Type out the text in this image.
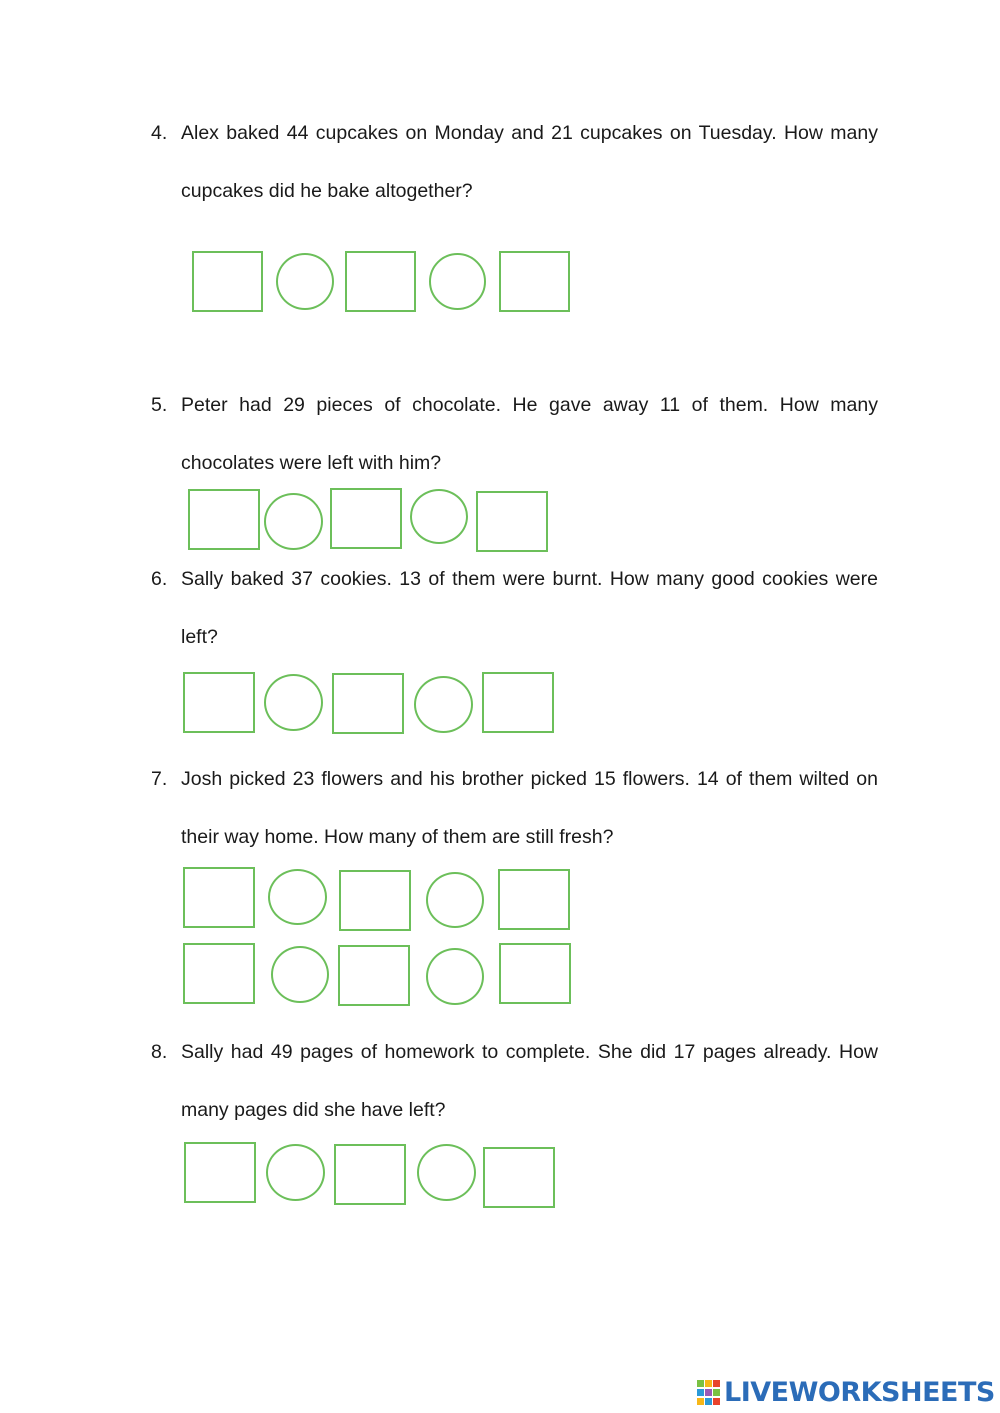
4. Alex baked 44 cupcakes on Monday and 21 cupcakes on Tuesday. How many
cupcakes did he bake altogether?
5. Peter had 29 pieces of chocolate. He gave away 11 of them. How many
chocolates were left with him?
6. Sally baked 37 cookies. 13 of them were burnt. How many good cookies were
left?
7. Josh picked 23 flowers and his brother picked 15 flowers. 14 of them wilted on
their way home. How many of them are still fresh?
8. Sally had 49 pages of homework to complete. She did 17 pages already. How
many pages did she have left?
LIVEWORKSHEETS
